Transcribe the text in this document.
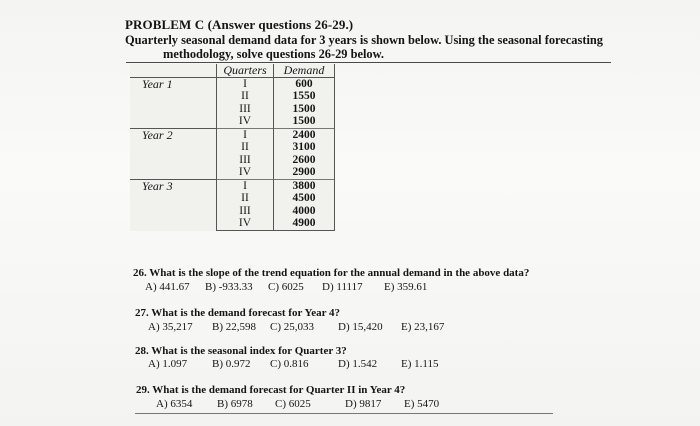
PROBLEM C (Answer questions 26-29.)
Quarterly seasonal demand data for 3 years is shown below. Using the seasonal forecasting
methodology, solve questions 26-29 below.
	Quarters	Demand
Year 1	I	600
	II	1550
	III	1500
	IV	1500
Year 2	I	2400
	II	3100
	III	2600
	IV	2900
Year 3	I	3800
	II	4500
	III	4000
	IV	4900
26. What is the slope of the trend equation for the annual demand in the above data?
A) 441.67 B) -933.33 C) 6025 D) 11117 E) 359.61
27. What is the demand forecast for Year 4?
A) 35,217 B) 22,598 C) 25,033 D) 15,420 E) 23,167
28. What is the seasonal index for Quarter 3?
A) 1.097 B) 0.972 C) 0.816	D) 1.542 E) 1.115
29. What is the demand forecast for Quarter II in Year 4?
A) 6354 B) 6978 C) 6025	D) 9817 E) 5470
